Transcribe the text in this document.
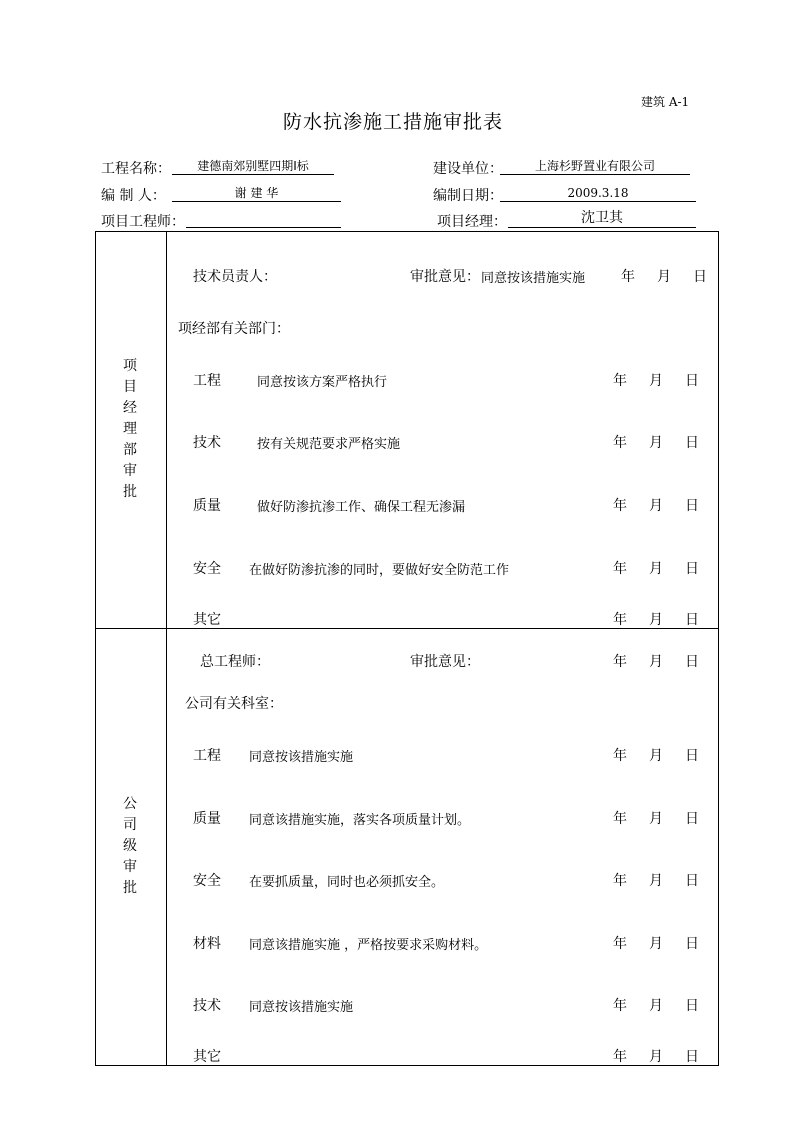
建筑 A-1
防水抗渗施工措施审批表
工程名称：	建德南郊别墅四期Ⅰ标	建设单位：	上海杉野置业有限公司
编 制 人：	谢 建 华	编制日期：	2009.3.18
项目工程师：	项目经理：	沈卫其
项
目
经
理
部
审
批
技术员责人：	审批意见： 同意按该措施实施	年 月 日
项经部有关部门：
工程	同意按该方案严格执行	年 月 日
技术	按有关规范要求严格实施	年 月 日
质量	做好防渗抗渗工作、确保工程无渗漏	年 月 日
安全 在做好防渗抗渗的同时，要做好安全防范工作	年 月 日
其它	年 月 日
公
司
级
审
批
总工程师：	审批意见：	年 月 日
公司有关科室：
工程 同意按该措施实施	年 月 日
质量 同意该措施实施，落实各项质量计划。	年 月 日
安全 在要抓质量，同时也必须抓安全。	年 月 日
材料 同意该措施实施 ，严格按要求采购材料。	年 月 日
技术 同意按该措施实施	年 月 日
其它	年 月 日
